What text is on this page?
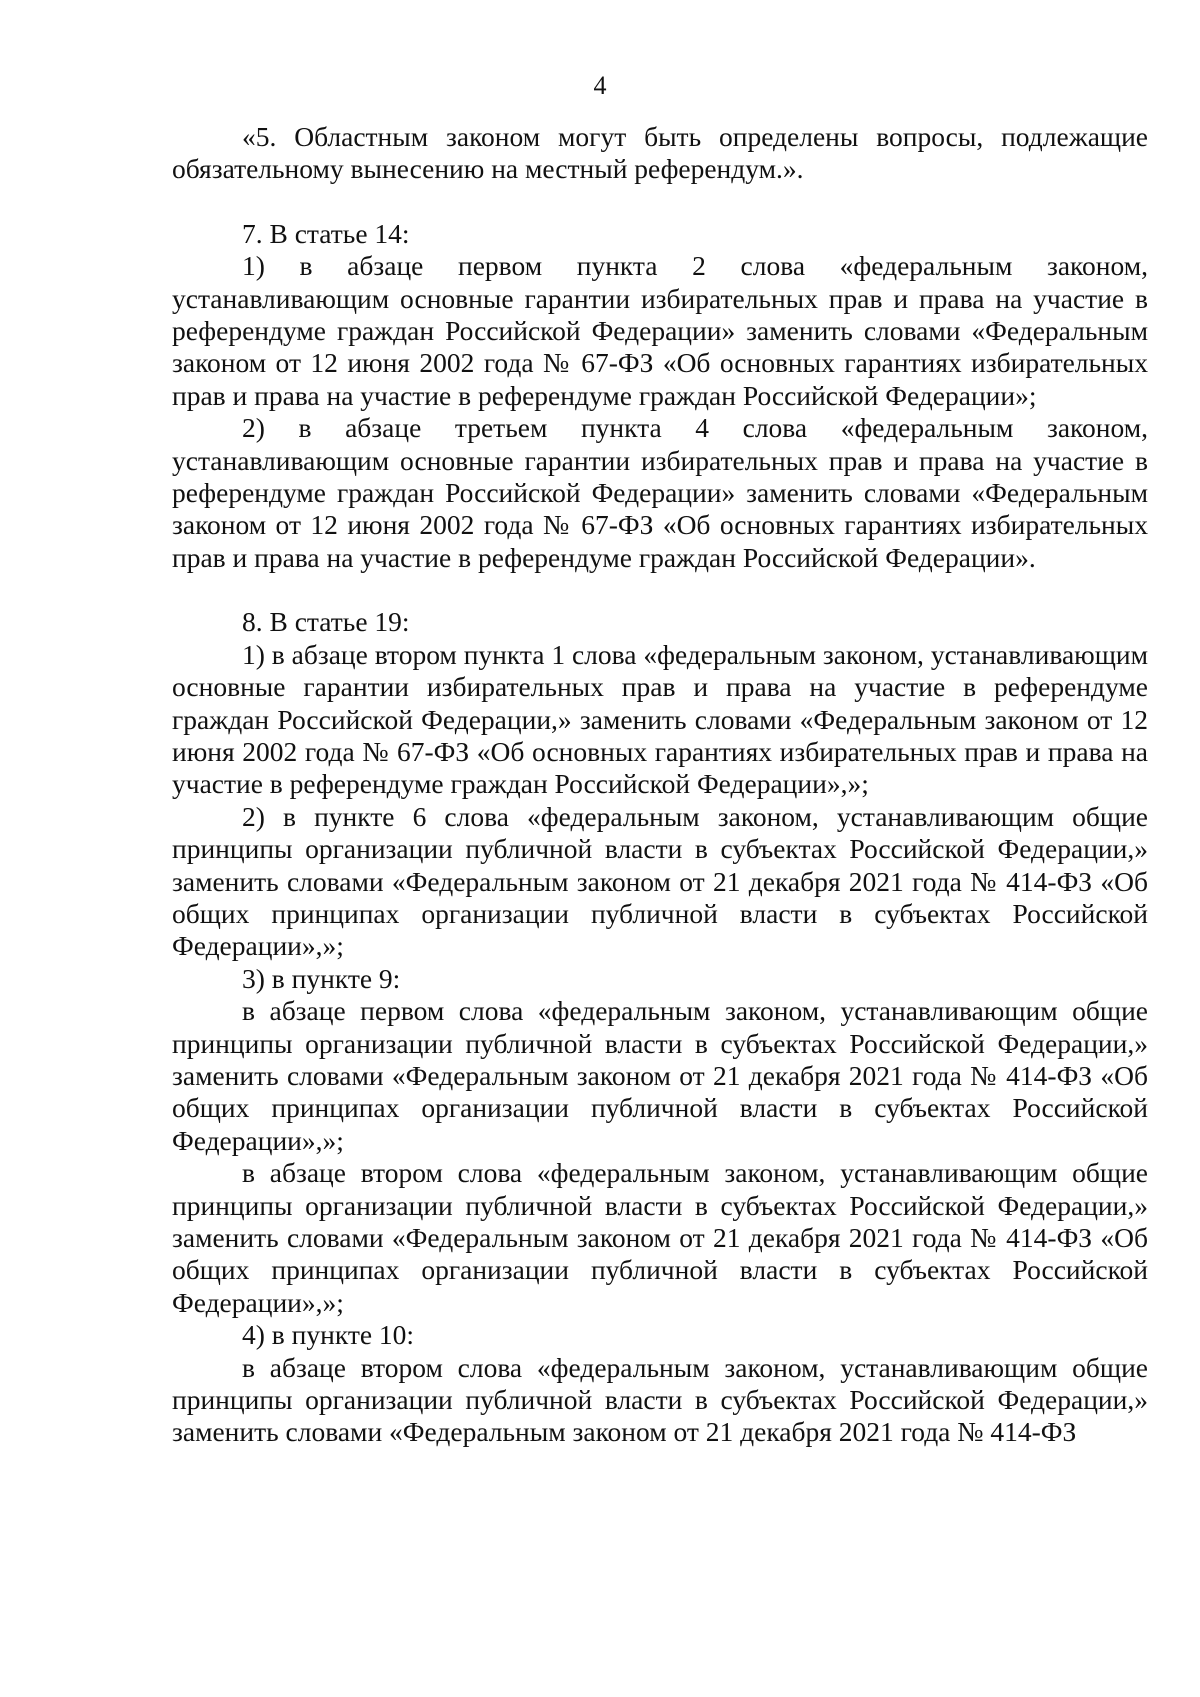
4

«5. Областным законом могут быть определены вопросы, подлежащие обязательному вынесению на местный референдум.».

7. В статье 14:

1) в абзаце первом пункта 2 слова «федеральным законом, устанавливающим основные гарантии избирательных прав и права на участие в референдуме граждан Российской Федерации» заменить словами «Федеральным законом от 12 июня 2002 года № 67-ФЗ «Об основных гарантиях избирательных прав и права на участие в референдуме граждан Российской Федерации»;

2) в абзаце третьем пункта 4 слова «федеральным законом, устанавливающим основные гарантии избирательных прав и права на участие в референдуме граждан Российской Федерации» заменить словами «Федеральным законом от 12 июня 2002 года № 67-ФЗ «Об основных гарантиях избирательных прав и права на участие в референдуме граждан Российской Федерации».

8. В статье 19:

1) в абзаце втором пункта 1 слова «федеральным законом, устанавливающим основные гарантии избирательных прав и права на участие в референдуме граждан Российской Федерации,» заменить словами «Федеральным законом от 12 июня 2002 года № 67-ФЗ «Об основных гарантиях избирательных прав и права на участие в референдуме граждан Российской Федерации»,»;

2) в пункте 6 слова «федеральным законом, устанавливающим общие принципы организации публичной власти в субъектах Российской Федерации,» заменить словами «Федеральным законом от 21 декабря 2021 года № 414-ФЗ «Об общих принципах организации публичной власти в субъектах Российской Федерации»,»;

3) в пункте 9:

в абзаце первом слова «федеральным законом, устанавливающим общие принципы организации публичной власти в субъектах Российской Федерации,» заменить словами «Федеральным законом от 21 декабря 2021 года № 414-ФЗ «Об общих принципах организации публичной власти в субъектах Российской Федерации»,»;

в абзаце втором слова «федеральным законом, устанавливающим общие принципы организации публичной власти в субъектах Российской Федерации,» заменить словами «Федеральным законом от 21 декабря 2021 года № 414-ФЗ «Об общих принципах организации публичной власти в субъектах Российской Федерации»,»;

4) в пункте 10:

в абзаце втором слова «федеральным законом, устанавливающим общие принципы организации публичной власти в субъектах Российской Федерации,» заменить словами «Федеральным законом от 21 декабря 2021 года № 414-ФЗ
